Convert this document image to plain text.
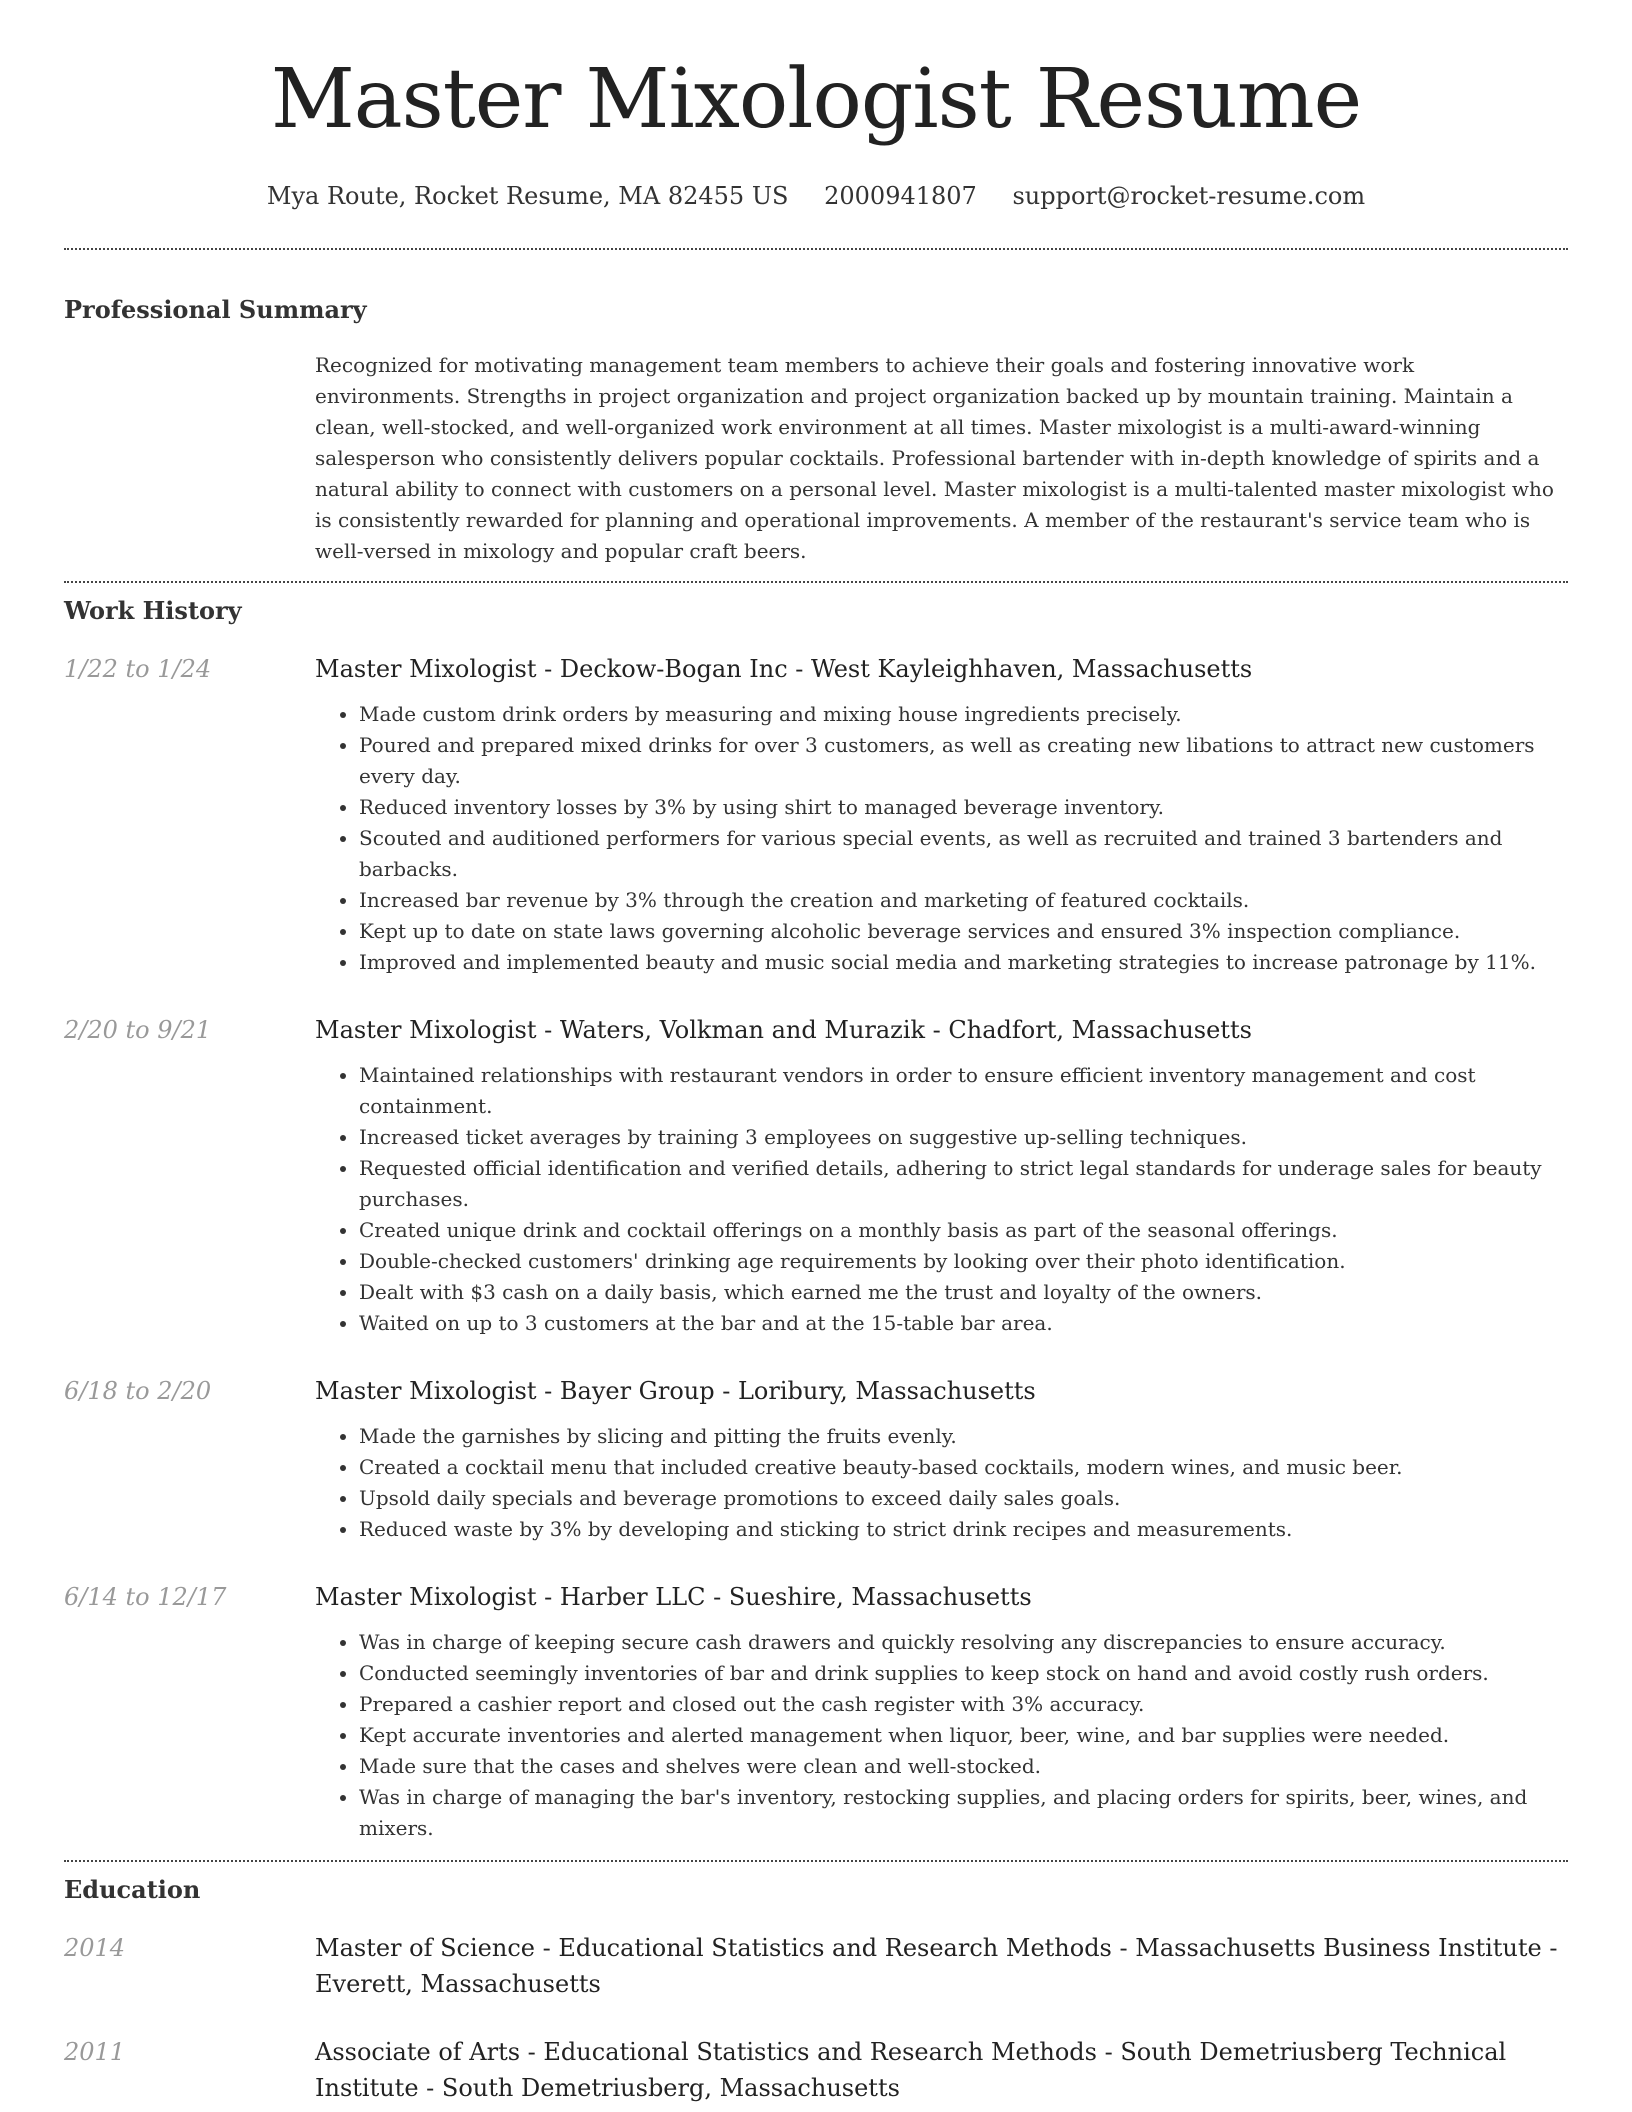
Master Mixologist Resume
Mya Route, Rocket Resume, MA 82455 US 2000941807 support@rocket-resume.com
Professional Summary
Recognized for motivating management team members to achieve their goals and fostering innovative work environments. Strengths in project organization and project organization backed up by mountain training. Maintain a clean, well-stocked, and well-organized work environment at all times. Master mixologist is a multi-award-winning salesperson who consistently delivers popular cocktails. Professional bartender with in-depth knowledge of spirits and a natural ability to connect with customers on a personal level. Master mixologist is a multi-talented master mixologist who is consistently rewarded for planning and operational improvements. A member of the restaurant's service team who is well-versed in mixology and popular craft beers.
Work History
1/22 to 1/24	Master Mixologist - Deckow-Bogan Inc - West Kayleighhaven, Massachusetts
• Made custom drink orders by measuring and mixing house ingredients precisely.
• Poured and prepared mixed drinks for over 3 customers, as well as creating new libations to attract new customers every day.
• Reduced inventory losses by 3% by using shirt to managed beverage inventory.
• Scouted and auditioned performers for various special events, as well as recruited and trained 3 bartenders and barbacks.
• Increased bar revenue by 3% through the creation and marketing of featured cocktails.
• Kept up to date on state laws governing alcoholic beverage services and ensured 3% inspection compliance.
• Improved and implemented beauty and music social media and marketing strategies to increase patronage by 11%.
2/20 to 9/21	Master Mixologist - Waters, Volkman and Murazik - Chadfort, Massachusetts
• Maintained relationships with restaurant vendors in order to ensure efficient inventory management and cost containment.
• Increased ticket averages by training 3 employees on suggestive up-selling techniques.
• Requested official identification and verified details, adhering to strict legal standards for underage sales for beauty purchases.
• Created unique drink and cocktail offerings on a monthly basis as part of the seasonal offerings.
• Double-checked customers' drinking age requirements by looking over their photo identification.
• Dealt with $3 cash on a daily basis, which earned me the trust and loyalty of the owners.
• Waited on up to 3 customers at the bar and at the 15-table bar area.
6/18 to 2/20	Master Mixologist - Bayer Group - Loribury, Massachusetts
• Made the garnishes by slicing and pitting the fruits evenly.
• Created a cocktail menu that included creative beauty-based cocktails, modern wines, and music beer.
• Upsold daily specials and beverage promotions to exceed daily sales goals.
• Reduced waste by 3% by developing and sticking to strict drink recipes and measurements.
6/14 to 12/17	Master Mixologist - Harber LLC - Sueshire, Massachusetts
• Was in charge of keeping secure cash drawers and quickly resolving any discrepancies to ensure accuracy.
• Conducted seemingly inventories of bar and drink supplies to keep stock on hand and avoid costly rush orders.
• Prepared a cashier report and closed out the cash register with 3% accuracy.
• Kept accurate inventories and alerted management when liquor, beer, wine, and bar supplies were needed.
• Made sure that the cases and shelves were clean and well-stocked.
• Was in charge of managing the bar's inventory, restocking supplies, and placing orders for spirits, beer, wines, and mixers.
Education
2014	Master of Science - Educational Statistics and Research Methods - Massachusetts Business Institute - Everett, Massachusetts
2011	Associate of Arts - Educational Statistics and Research Methods - South Demetriusberg Technical Institute - South Demetriusberg, Massachusetts
